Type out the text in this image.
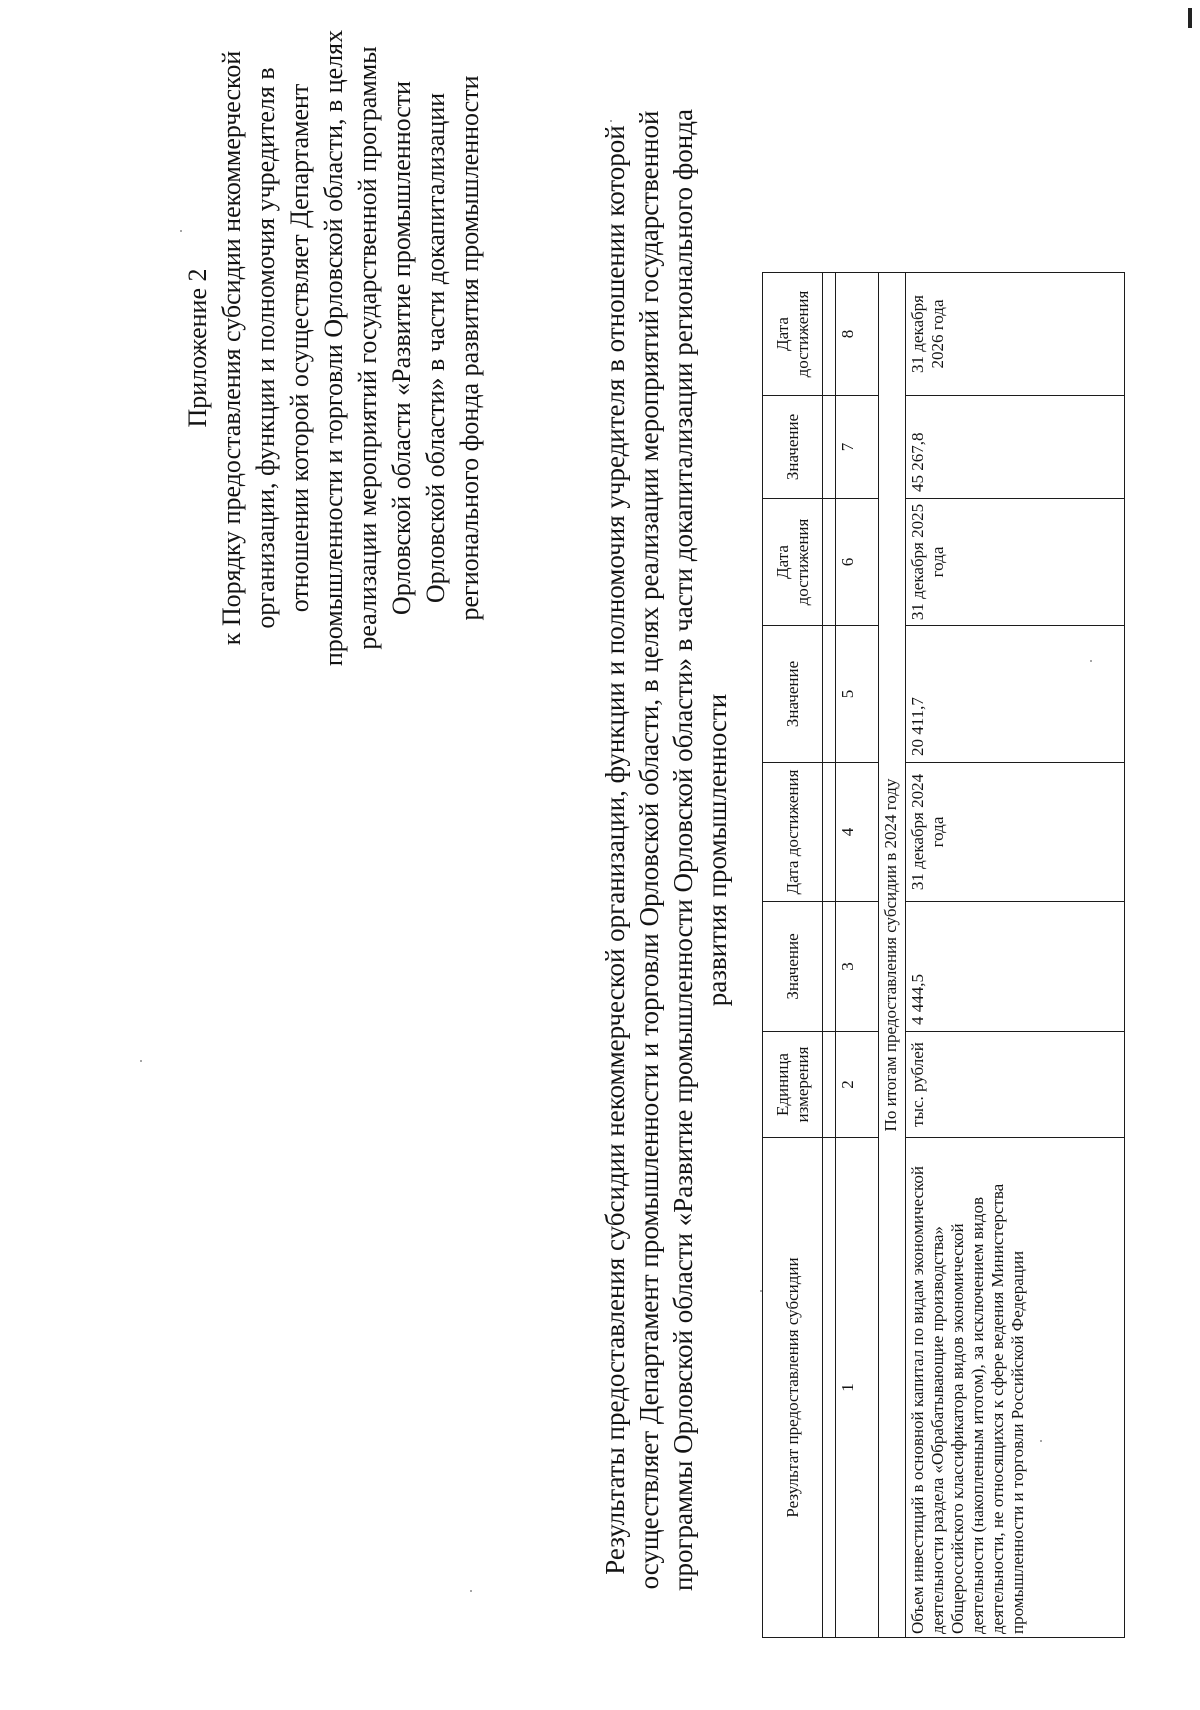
Приложение 2 к Порядку предоставления субсидии некоммерческой организации, функции и полномочия учредителя в отношении которой осуществляет Департамент промышленности и торговли Орловской области, в целях реализации мероприятий государственной программы Орловской области «Развитие промышленности Орловской области» в части докапитализации регионального фонда развития промышленности	Результаты предоставления субсидии некоммерческой организации, функции и полномочия учредителя в отношении которой осуществляет Департамент промышленности и торговли Орловской области, в целях реализации мероприятий государственной программы Орловской области «Развитие промышленности Орловской области» в части докапитализации регионального фонда развития промышленности
Результат предоставления субсидии	Единица измерения	Значение	Дата достижения	Значение	Дата достижения	Значение	Дата достижения

1	2	3	4	5	6	7	8
По итогам предоставления субсидии в 2024 году							
Объем инвестиций в основной капитал по видам экономической деятельности раздела «Обрабатывающие производства» Общероссийского классификатора видов экономической деятельности (накопленным итогом), за исключением видов деятельности, не относящихся к сфере ведения Министерства промышленности и торговли Российской Федерации	тыс. рублей	4 444,5	31 декабря 2024 года	20 411,7	31 декабря 2025 года	45 267,8	31 декабря 2026 года
